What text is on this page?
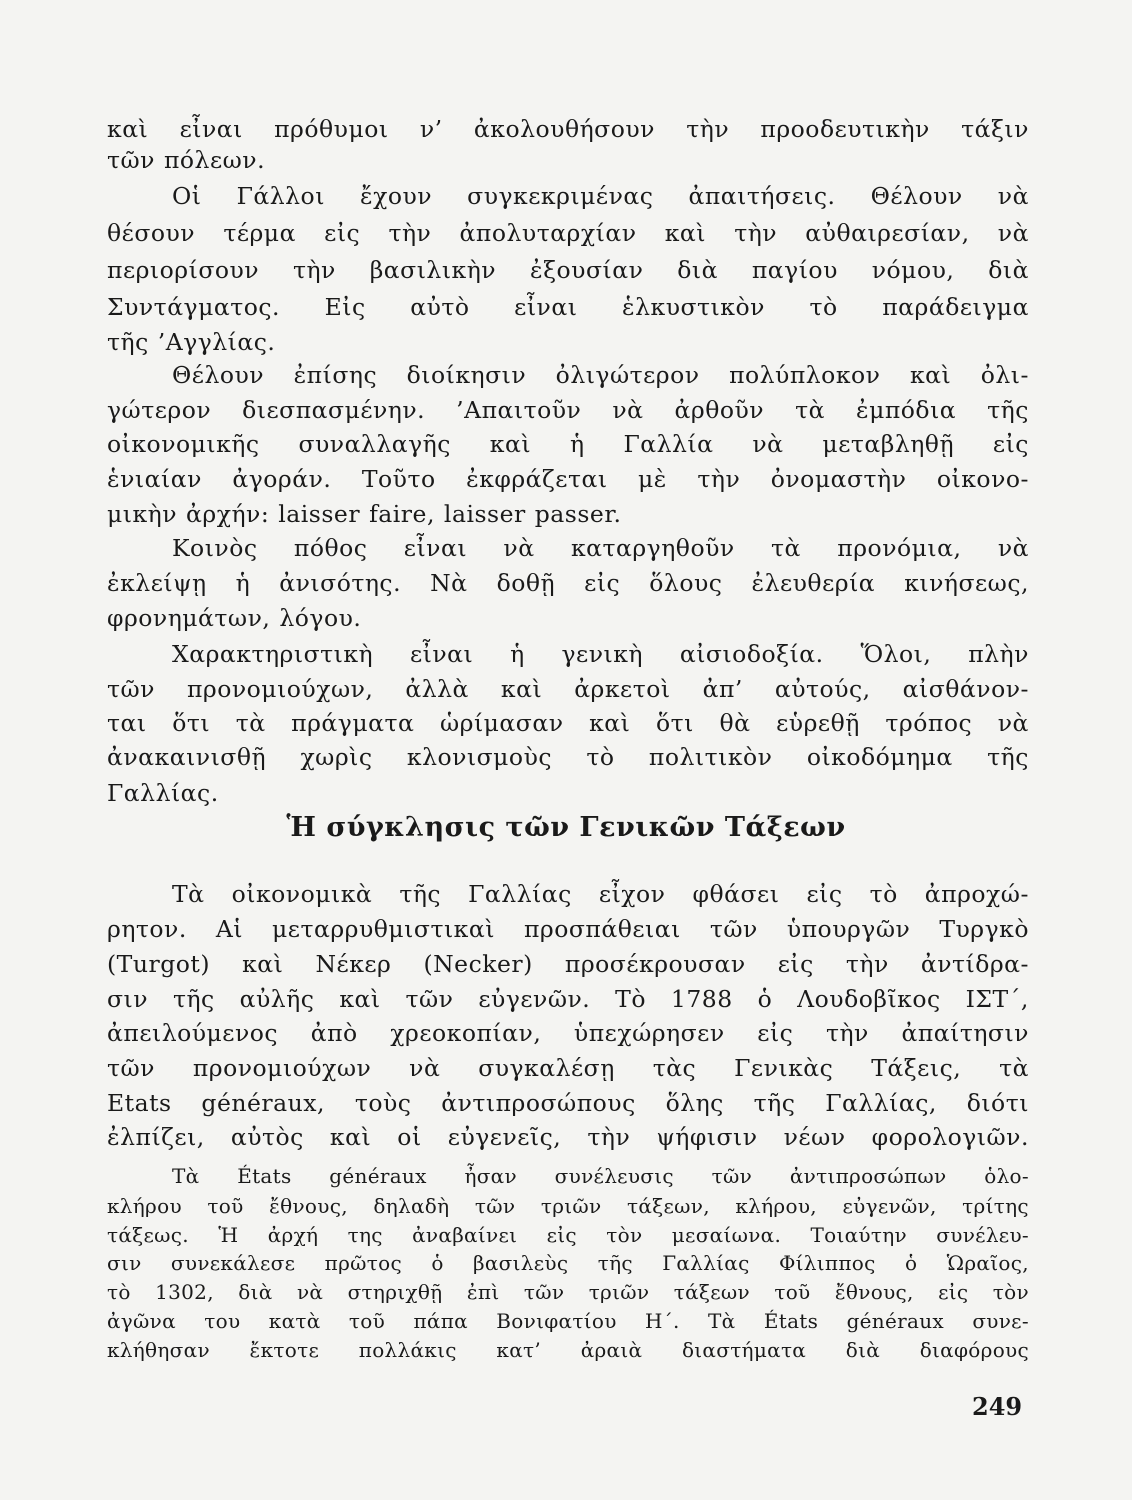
καὶ εἶναι πρόθυμοι ν’ ἀκολουθήσουν τὴν προοδευτικὴν τάξιν
τῶν πόλεων.
Οἱ Γάλλοι ἔχουν συγκεκριμένας ἀπαιτήσεις. Θέλουν νὰ
θέσουν τέρμα εἰς τὴν ἀπολυταρχίαν καὶ τὴν αὐθαιρεσίαν, νὰ
περιορίσουν τὴν βασιλικὴν ἐξουσίαν διὰ παγίου νόμου, διὰ
Συντάγματος. Εἰς αὐτὸ εἶναι ἑλκυστικὸν τὸ παράδειγμα
τῆς ’Αγγλίας.
Θέλουν ἐπίσης διοίκησιν ὀλιγώτερον πολύπλοκον καὶ ὀλι-
γώτερον διεσπασμένην. ’Απαιτοῦν νὰ ἀρθοῦν τὰ ἐμπόδια τῆς
οἰκονομικῆς συναλλαγῆς καὶ ἡ Γαλλία νὰ μεταβληθῇ εἰς
ἑνιαίαν ἀγοράν. Τοῦτο ἐκφράζεται μὲ τὴν ὀνομαστὴν οἰκονο-
μικὴν ἀρχήν: laisser faire, laisser passer.
Κοινὸς πόθος εἶναι νὰ καταργηθοῦν τὰ προνόμια, νὰ
ἐκλείψῃ ἡ ἀνισότης. Νὰ δοθῇ εἰς ὅλους ἐλευθερία κινήσεως,
φρονημάτων, λόγου.
Χαρακτηριστικὴ εἶναι ἡ γενικὴ αἰσιοδοξία. Ὅλοι, πλὴν
τῶν προνομιούχων, ἀλλὰ καὶ ἀρκετοὶ ἀπ’ αὐτούς, αἰσθάνον-
ται ὅτι τὰ πράγματα ὡρίμασαν καὶ ὅτι θὰ εὑρεθῇ τρόπος νὰ
ἀνακαινισθῇ χωρὶς κλονισμοὺς τὸ πολιτικὸν οἰκοδόμημα τῆς
Γαλλίας.
Ἡ σύγκλησις τῶν Γενικῶν Τάξεων
Τὰ οἰκονομικὰ τῆς Γαλλίας εἶχον φθάσει εἰς τὸ ἀπροχώ-
ρητον. Αἱ μεταρρυθμιστικαὶ προσπάθειαι τῶν ὑπουργῶν Τυργκὸ
(Turgot) καὶ Νέκερ (Necker) προσέκρουσαν εἰς τὴν ἀντίδρα-
σιν τῆς αὐλῆς καὶ τῶν εὐγενῶν. Τὸ 1788 ὁ Λουδοβῖκος ΙΣΤ΄,
ἀπειλούμενος ἀπὸ χρεοκοπίαν, ὑπεχώρησεν εἰς τὴν ἀπαίτησιν
τῶν προνομιούχων νὰ συγκαλέσῃ τὰς Γενικὰς Τάξεις, τὰ
Etats généraux, τοὺς ἀντιπροσώπους ὅλης τῆς Γαλλίας, διότι
ἐλπίζει, αὐτὸς καὶ οἱ εὐγενεῖς, τὴν ψήφισιν νέων φορολογιῶν.
Τὰ États généraux ἦσαν συνέλευσις τῶν ἀντιπροσώπων ὁλο-
κλήρου τοῦ ἔθνους, δηλαδὴ τῶν τριῶν τάξεων, κλήρου, εὐγενῶν, τρίτης
τάξεως. Ἡ ἀρχή της ἀναβαίνει εἰς τὸν μεσαίωνα. Τοιαύτην συνέλευ-
σιν συνεκάλεσε πρῶτος ὁ βασιλεὺς τῆς Γαλλίας Φίλιππος ὁ Ὡραῖος,
τὸ 1302, διὰ νὰ στηριχθῇ ἐπὶ τῶν τριῶν τάξεων τοῦ ἔθνους, εἰς τὸν
ἀγῶνα του κατὰ τοῦ πάπα Βονιφατίου Η΄. Τὰ États généraux συνε-
κλήθησαν ἔκτοτε πολλάκις κατ’ ἀραιὰ διαστήματα διὰ διαφόρους
249
